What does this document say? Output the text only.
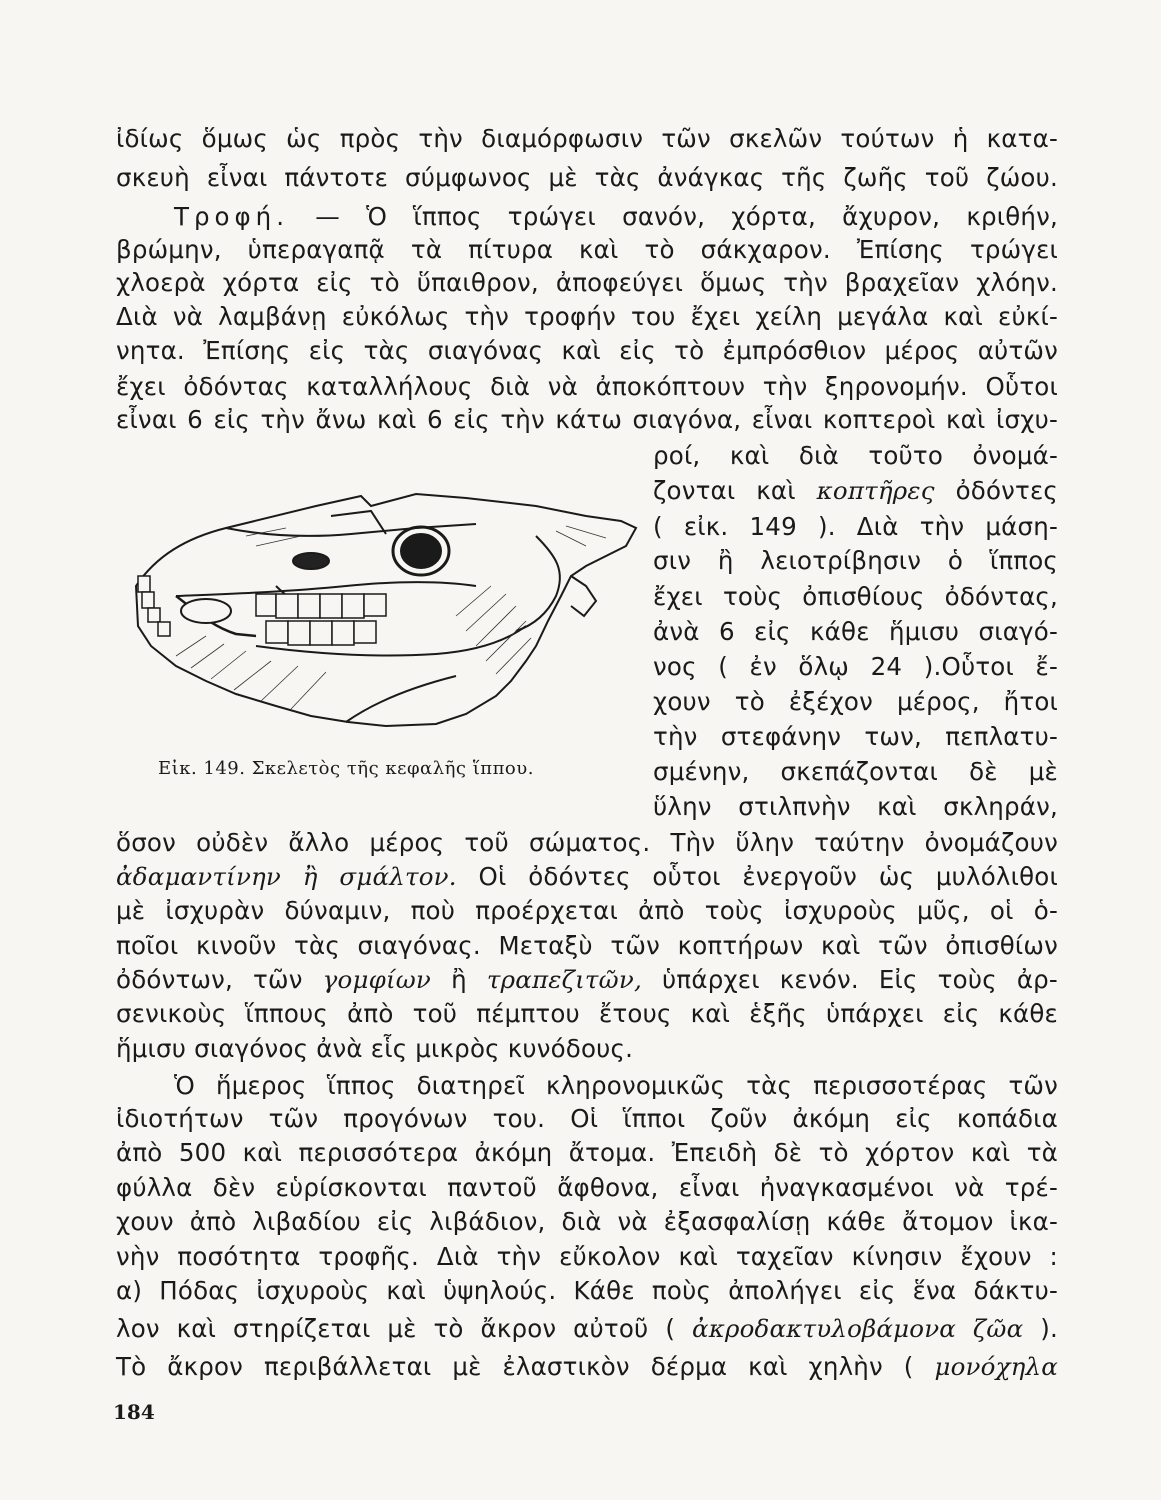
ἰδίως ὅμως ὡς πρὸς τὴν διαμόρφωσιν τῶν σκελῶν τούτων ἡ κατα-
σκευὴ εἶναι πάντοτε σύμφωνος μὲ τὰς ἀνάγκας τῆς ζωῆς τοῦ ζώου.
Τροφή. — Ὁ ἵππος τρώγει σανόν, χόρτα, ἄχυρον, κριθήν,
βρώμην, ὑπεραγαπᾷ τὰ πίτυρα καὶ τὸ σάκχαρον. Ἐπίσης τρώγει
χλοερὰ χόρτα εἰς τὸ ὕπαιθρον, ἀποφεύγει ὅμως τὴν βραχεῖαν χλόην.
Διὰ νὰ λαμβάνῃ εὐκόλως τὴν τροφήν του ἔχει χείλη μεγάλα καὶ εὐκί-
νητα. Ἐπίσης εἰς τὰς σιαγόνας καὶ εἰς τὸ ἐμπρόσθιον μέρος αὐτῶν
ἔχει ὀδόντας καταλλήλους διὰ νὰ ἀποκόπτουν τὴν ξηρονομήν. Οὗτοι
εἶναι 6 εἰς τὴν ἄνω καὶ 6 εἰς τὴν κάτω σιαγόνα, εἶναι κοπτεροὶ καὶ ἰσχυ-
ροί, καὶ διὰ τοῦτο ὀνομά-
ζονται καὶ κοπτῆρες ὀδόντες
( εἰκ. 149 ). Διὰ τὴν μάση-
σιν ἢ λειοτρίβησιν ὁ ἵππος
ἔχει τοὺς ὀπισθίους ὀδόντας,
ἀνὰ 6 εἰς κάθε ἥμισυ σιαγό-
νος ( ἐν ὅλῳ 24 ).Οὗτοι ἔ-
χουν τὸ ἐξέχον μέρος, ἤτοι
τὴν στεφάνην των, πεπλατυ-
σμένην, σκεπάζονται δὲ μὲ
ὕλην στιλπνὴν καὶ σκληράν,
Εἰκ. 149. Σκελετὸς τῆς κεφαλῆς ἵππου.
ὅσον οὐδὲν ἄλλο μέρος τοῦ σώματος. Τὴν ὕλην ταύτην ὀνομάζουν
ἀδαμαντίνην ἢ σμάλτον. Οἱ ὀδόντες οὗτοι ἐνεργοῦν ὡς μυλόλιθοι
μὲ ἰσχυρὰν δύναμιν, ποὺ προέρχεται ἀπὸ τοὺς ἰσχυροὺς μῦς, οἱ ὁ-
ποῖοι κινοῦν τὰς σιαγόνας. Μεταξὺ τῶν κοπτήρων καὶ τῶν ὀπισθίων
ὀδόντων, τῶν γομφίων ἢ τραπεζιτῶν, ὑπάρχει κενόν. Εἰς τοὺς ἀρ-
σενικοὺς ἵππους ἀπὸ τοῦ πέμπτου ἔτους καὶ ἑξῆς ὑπάρχει εἰς κάθε
ἥμισυ σιαγόνος ἀνὰ εἷς μικρὸς κυνόδους.
Ὁ ἥμερος ἵππος διατηρεῖ κληρονομικῶς τὰς περισσοτέρας τῶν
ἰδιοτήτων τῶν προγόνων του. Οἱ ἵπποι ζοῦν ἀκόμη εἰς κοπάδια
ἀπὸ 500 καὶ περισσότερα ἀκόμη ἄτομα. Ἐπειδὴ δὲ τὸ χόρτον καὶ τὰ
φύλλα δὲν εὑρίσκονται παντοῦ ἄφθονα, εἶναι ἠναγκασμένοι νὰ τρέ-
χουν ἀπὸ λιβαδίου εἰς λιβάδιον, διὰ νὰ ἐξασφαλίσῃ κάθε ἄτομον ἱκα-
νὴν ποσότητα τροφῆς. Διὰ τὴν εὔκολον καὶ ταχεῖαν κίνησιν ἔχουν :
α) Πόδας ἰσχυροὺς καὶ ὑψηλούς. Κάθε ποὺς ἀπολήγει εἰς ἕνα δάκτυ-
λον καὶ στηρίζεται μὲ τὸ ἄκρον αὐτοῦ ( ἀκροδακτυλοβάμονα ζῶα ).
Τὸ ἄκρον περιβάλλεται μὲ ἐλαστικὸν δέρμα καὶ χηλὴν ( μονόχηλα
184
